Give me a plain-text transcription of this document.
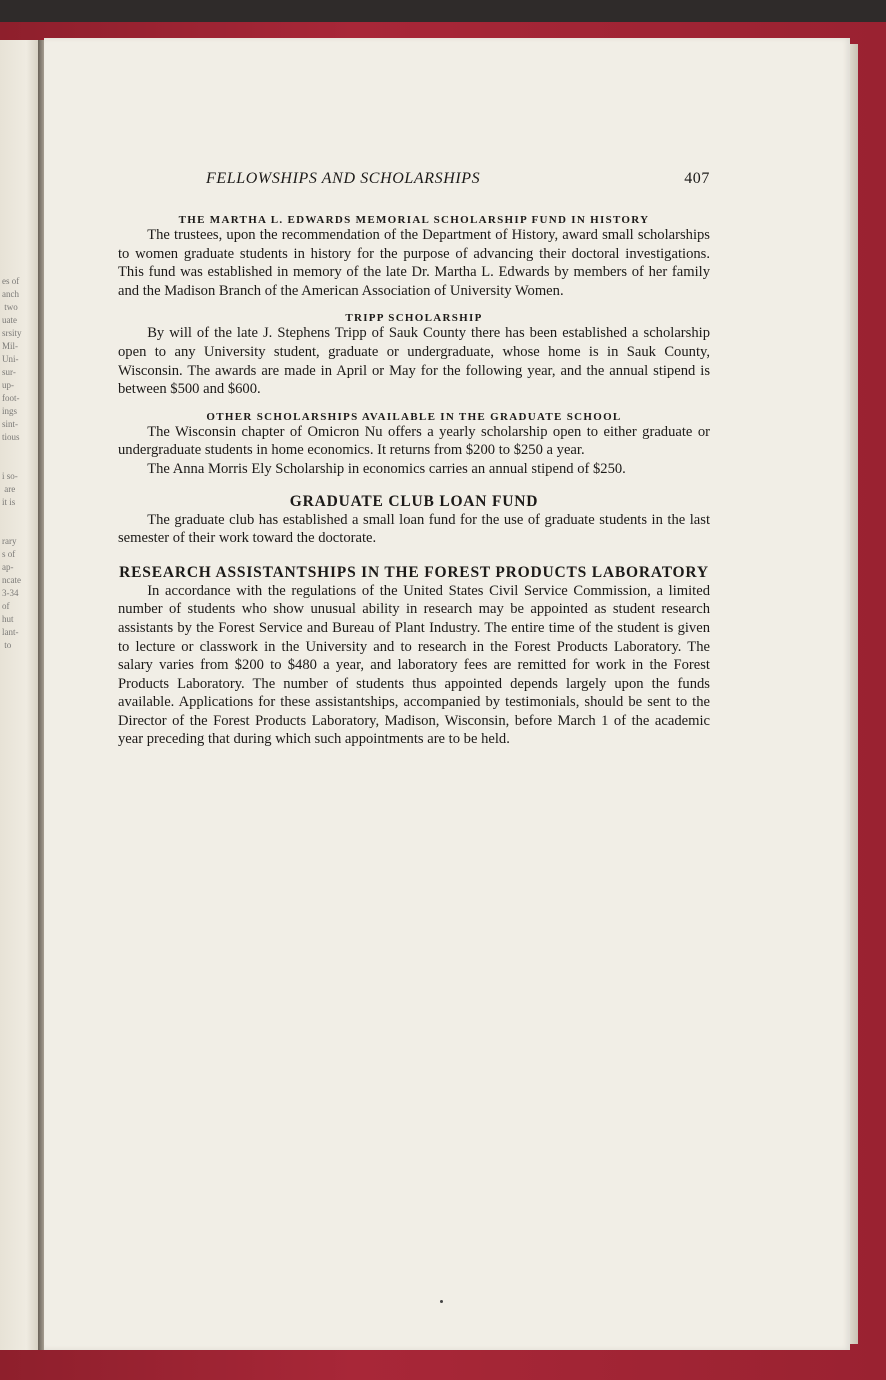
es of
anch
two
uate
srsity
Mil-
Uni-
sur-
up-
foot-
ings
sint-
tious

i so-
are
it is

rary
s of
ap-
ncate
3-34
of
hut
lant-
to
FELLOWSHIPS AND SCHOLARSHIPS	407
THE MARTHA L. EDWARDS MEMORIAL SCHOLARSHIP FUND IN HISTORY

The trustees, upon the recommendation of the Department of History, award small scholarships to women graduate students in history for the purpose of advancing their doctoral investigations. This fund was established in memory of the late Dr. Martha L. Edwards by members of her family and the Madison Branch of the American Association of University Women.

TRIPP SCHOLARSHIP

By will of the late J. Stephens Tripp of Sauk County there has been established a scholarship open to any University student, graduate or undergraduate, whose home is in Sauk County, Wisconsin. The awards are made in April or May for the following year, and the annual stipend is between $500 and $600.

OTHER SCHOLARSHIPS AVAILABLE IN THE GRADUATE SCHOOL

The Wisconsin chapter of Omicron Nu offers a yearly scholarship open to either graduate or undergraduate students in home economics. It returns from $200 to $250 a year.

The Anna Morris Ely Scholarship in economics carries an annual stipend of $250.

GRADUATE CLUB LOAN FUND

The graduate club has established a small loan fund for the use of graduate students in the last semester of their work toward the doctorate.

RESEARCH ASSISTANTSHIPS IN THE FOREST PRODUCTS LABORATORY

In accordance with the regulations of the United States Civil Service Commission, a limited number of students who show unusual ability in research may be appointed as student research assistants by the Forest Service and Bureau of Plant Industry. The entire time of the student is given to lecture or classwork in the University and to research in the Forest Products Laboratory. The salary varies from $200 to $480 a year, and laboratory fees are remitted for work in the Forest Products Laboratory. The number of students thus appointed depends largely upon the funds available. Applications for these assistantships, accompanied by testimonials, should be sent to the Director of the Forest Products Laboratory, Madison, Wisconsin, before March 1 of the academic year preceding that during which such appointments are to be held.
